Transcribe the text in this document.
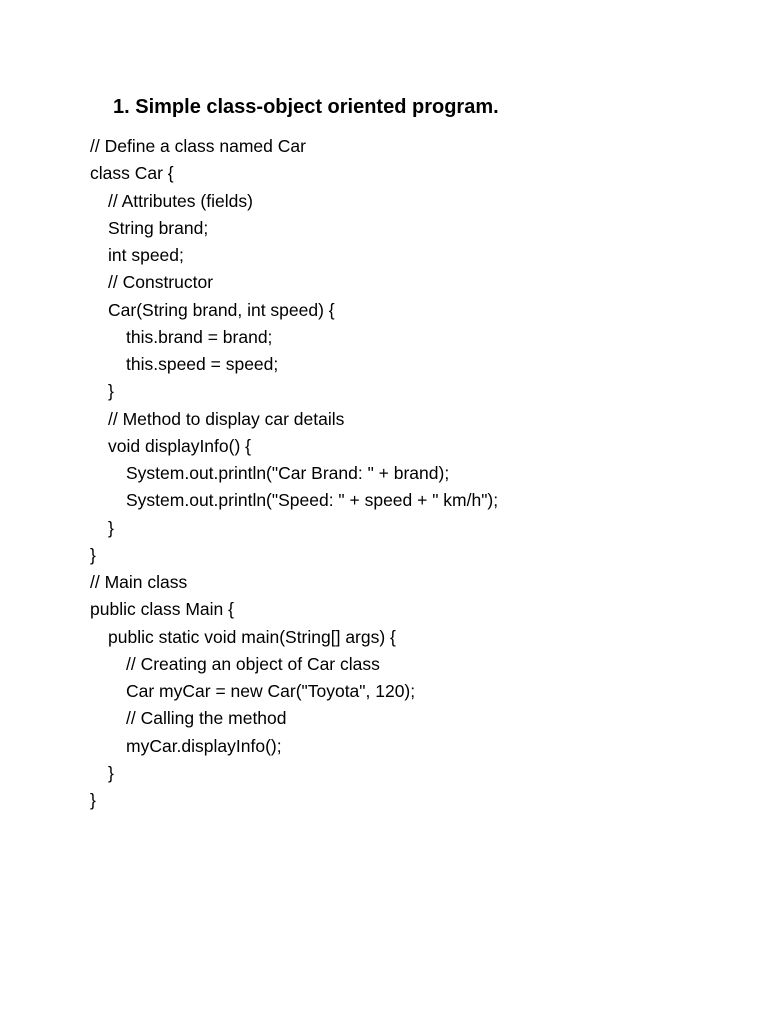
1. Simple class-object oriented program.
// Define a class named Car
class Car {
// Attributes (fields)
String brand;
int speed;
// Constructor
Car(String brand, int speed) {
this.brand = brand;
this.speed = speed;
}
// Method to display car details
void displayInfo() {
System.out.println("Car Brand: " + brand);
System.out.println("Speed: " + speed + " km/h");
}
}
// Main class
public class Main {
public static void main(String[] args) {
// Creating an object of Car class
Car myCar = new Car("Toyota", 120);
// Calling the method
myCar.displayInfo();
}
}
